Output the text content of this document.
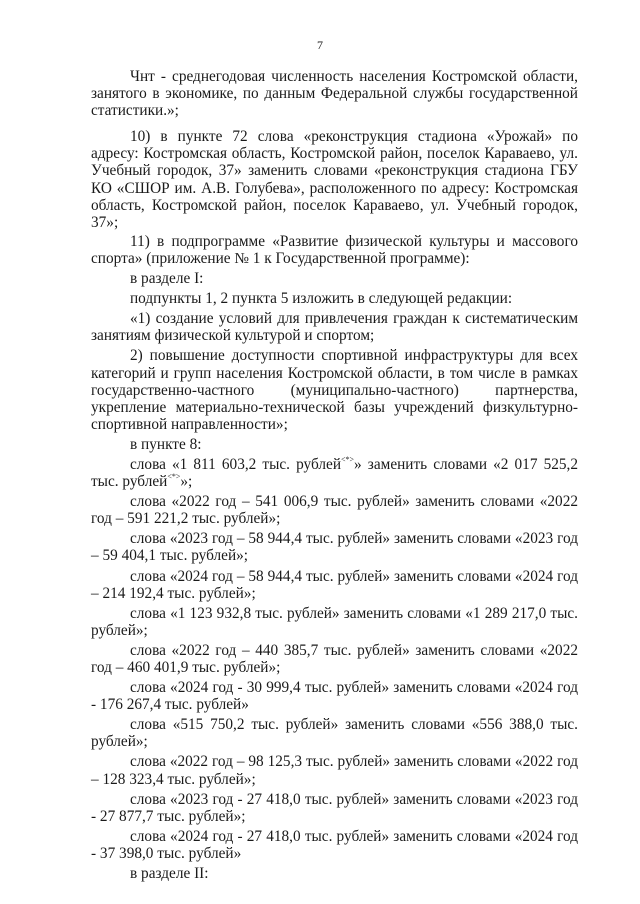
7

Чнт - среднегодовая численность населения Костромской области, занятого в экономике, по данным Федеральной службы государственной статистики.»;

10) в пункте 72 слова «реконструкция стадиона «Урожай» по адресу: Костромская область, Костромской район, поселок Караваево, ул. Учебный городок, 37» заменить словами «реконструкция стадиона ГБУ КО «СШОР им. А.В. Голубева», расположенного по адресу: Костромская область, Костромской район, поселок Караваево, ул. Учебный городок, 37»;

11) в подпрограмме «Развитие физической культуры и массового спорта» (приложение № 1 к Государственной программе):

в разделе I:

подпункты 1, 2 пункта 5 изложить в следующей редакции:

«1) создание условий для привлечения граждан к систематическим занятиям физической культурой и спортом;

2) повышение доступности спортивной инфраструктуры для всех категорий и групп населения Костромской области, в том числе в рамках государственно-частного (муниципально-частного) партнерства, укрепление материально-технической базы учреждений физкультурно-спортивной направленности»;

в пункте 8:

слова «1 811 603,2 тыс. рублей<*>» заменить словами «2 017 525,2 тыс. рублей<*>»;

слова «2022 год – 541 006,9 тыс. рублей» заменить словами «2022 год – 591 221,2 тыс. рублей»;

слова «2023 год – 58 944,4 тыс. рублей» заменить словами «2023 год – 59 404,1 тыс. рублей»;

слова «2024 год – 58 944,4 тыс. рублей» заменить словами «2024 год – 214 192,4 тыс. рублей»;

слова «1 123 932,8 тыс. рублей» заменить словами «1 289 217,0 тыс. рублей»;

слова «2022 год – 440 385,7 тыс. рублей» заменить словами «2022 год – 460 401,9 тыс. рублей»;

слова «2024 год - 30 999,4 тыс. рублей» заменить словами «2024 год - 176 267,4 тыс. рублей»

слова «515 750,2 тыс. рублей» заменить словами «556 388,0 тыс. рублей»;

слова «2022 год – 98 125,3 тыс. рублей» заменить словами «2022 год – 128 323,4 тыс. рублей»;

слова «2023 год - 27 418,0 тыс. рублей» заменить словами «2023 год - 27 877,7 тыс. рублей»;

слова «2024 год - 27 418,0 тыс. рублей» заменить словами «2024 год - 37 398,0 тыс. рублей»

в разделе II:
